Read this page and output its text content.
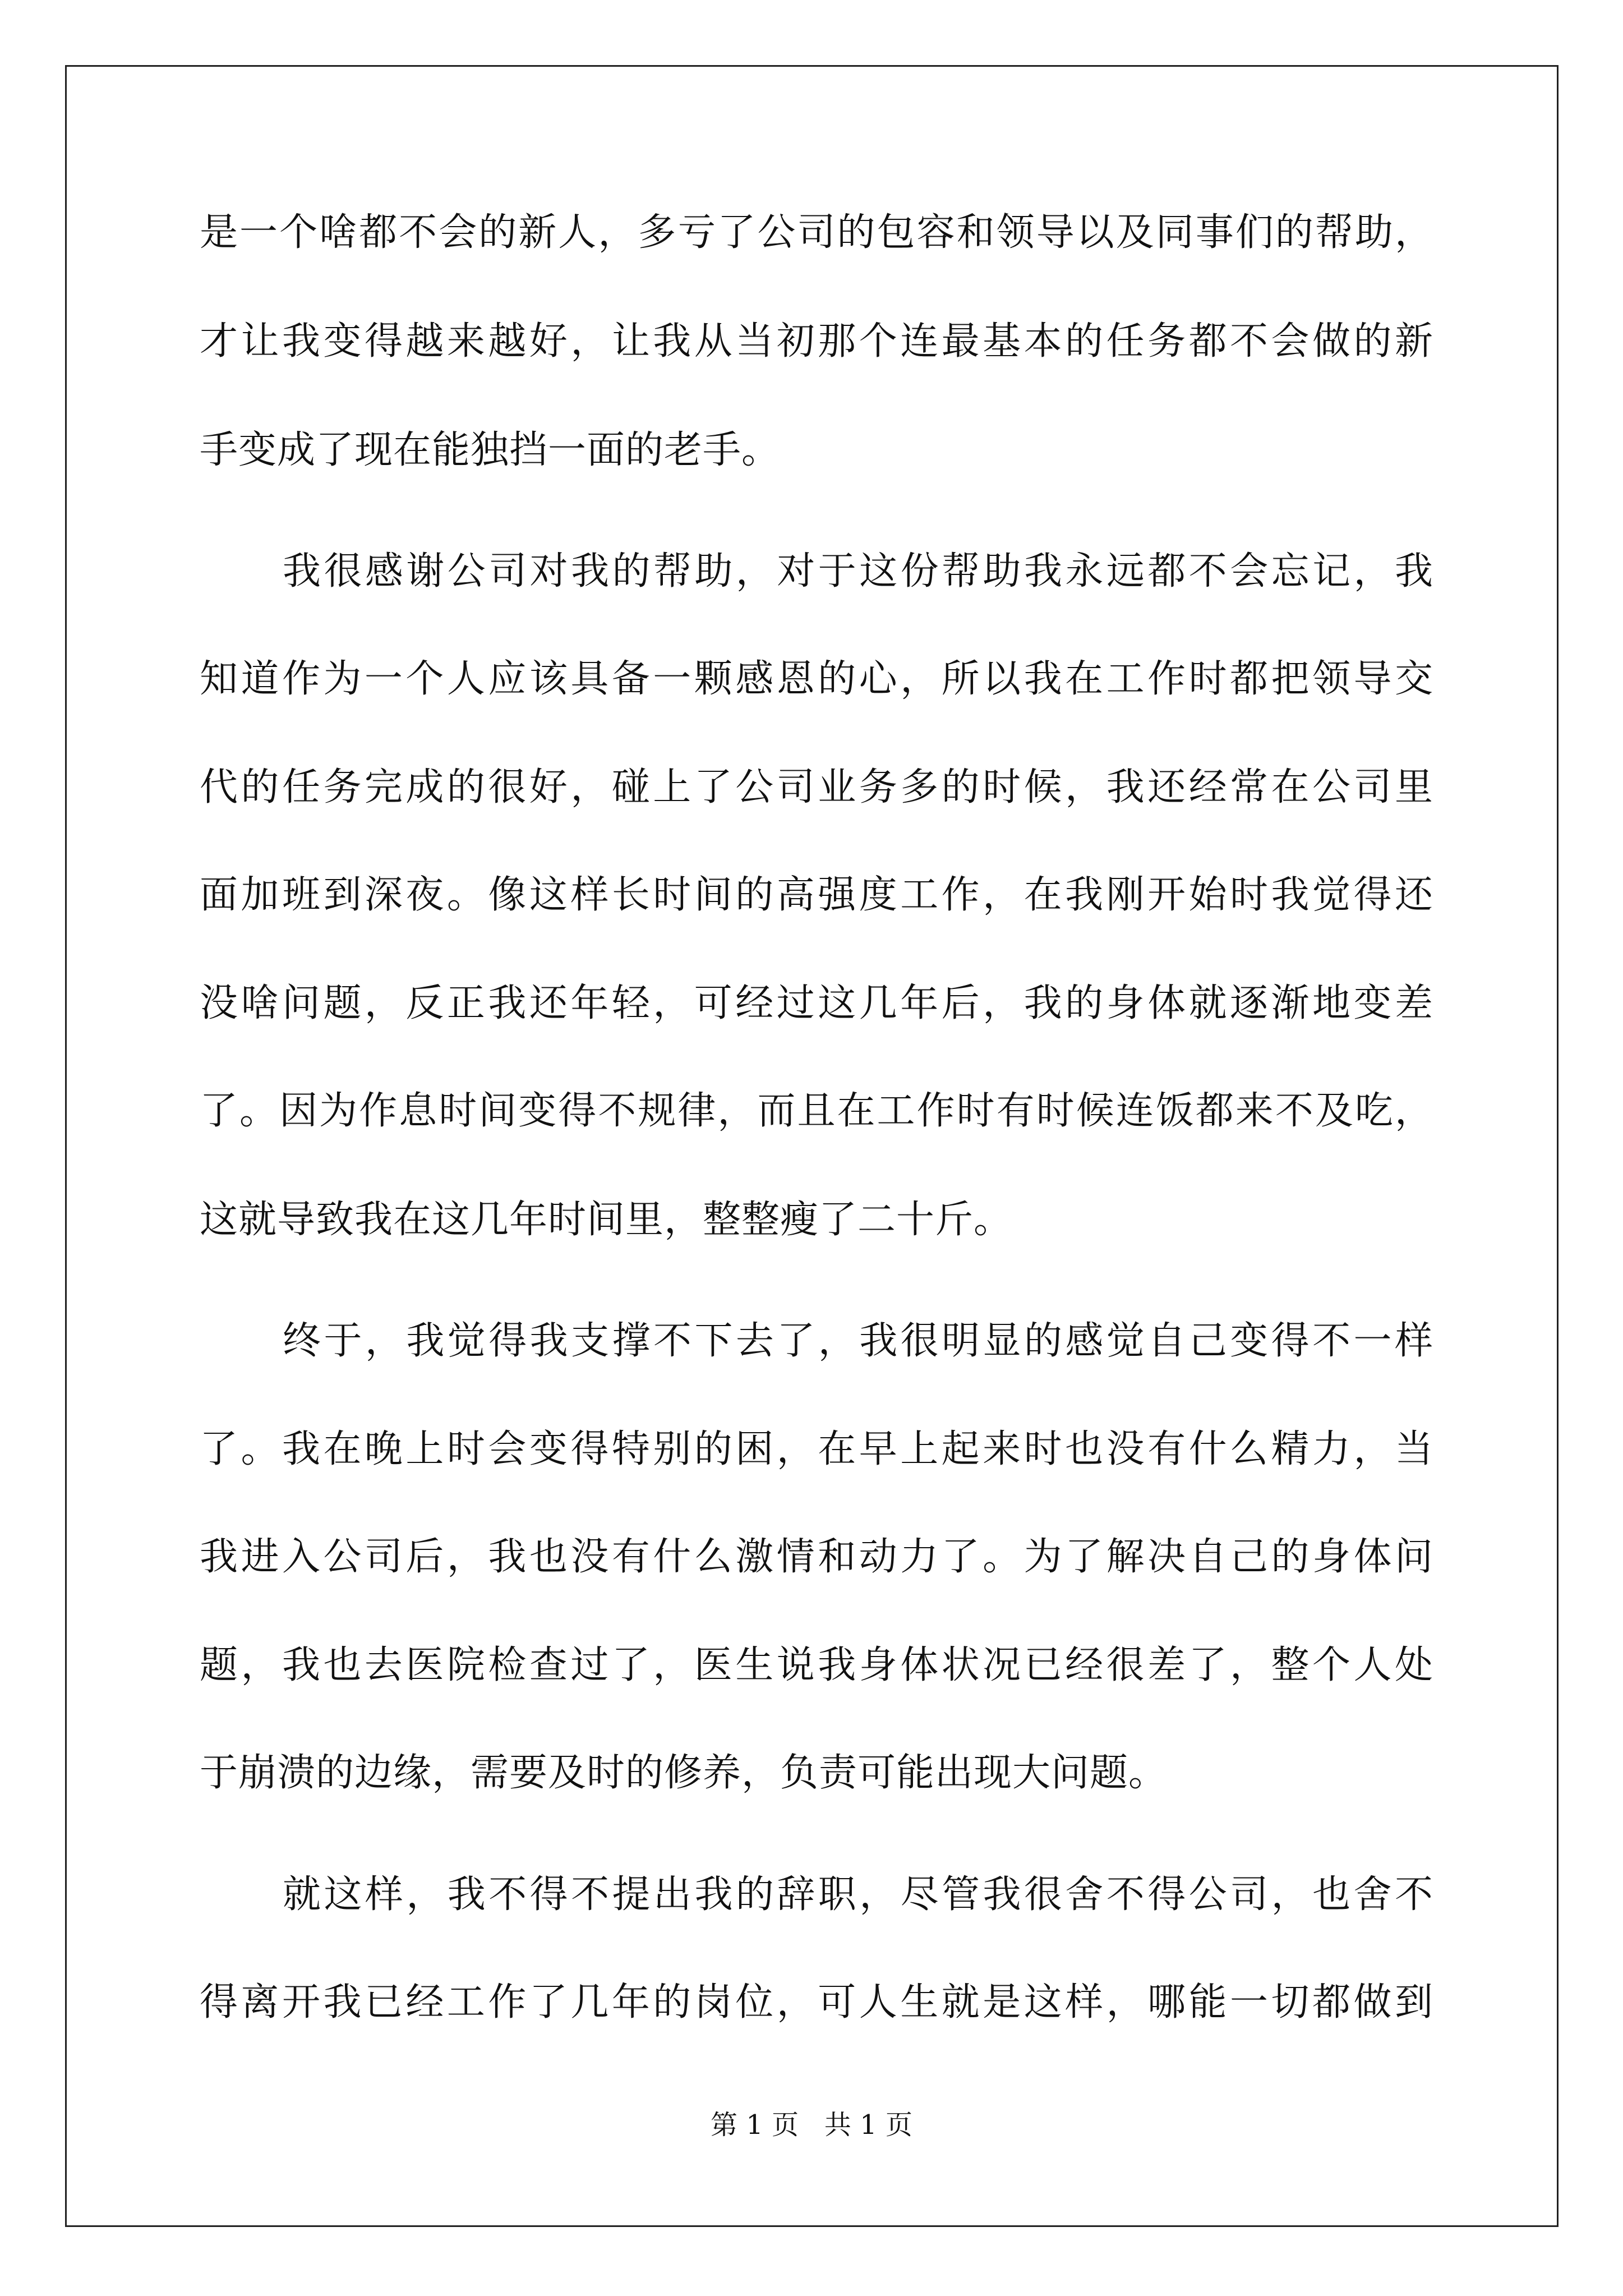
是一个啥都不会的新人，多亏了公司的包容和领导以及同事们的帮助，
才让我变得越来越好，让我从当初那个连最基本的任务都不会做的新
手变成了现在能独挡一面的老手。
我很感谢公司对我的帮助，对于这份帮助我永远都不会忘记，我
知道作为一个人应该具备一颗感恩的心，所以我在工作时都把领导交
代的任务完成的很好，碰上了公司业务多的时候，我还经常在公司里
面加班到深夜。像这样长时间的高强度工作，在我刚开始时我觉得还
没啥问题，反正我还年轻，可经过这几年后，我的身体就逐渐地变差
了。因为作息时间变得不规律，而且在工作时有时候连饭都来不及吃，
这就导致我在这几年时间里，整整瘦了二十斤。
终于，我觉得我支撑不下去了，我很明显的感觉自己变得不一样
了。我在晚上时会变得特别的困，在早上起来时也没有什么精力，当
我进入公司后，我也没有什么激情和动力了。为了解决自己的身体问
题，我也去医院检查过了，医生说我身体状况已经很差了，整个人处
于崩溃的边缘，需要及时的修养，负责可能出现大问题。
就这样，我不得不提出我的辞职，尽管我很舍不得公司，也舍不
得离开我已经工作了几年的岗位，可人生就是这样，哪能一切都做到
第 1 页 共 1 页
